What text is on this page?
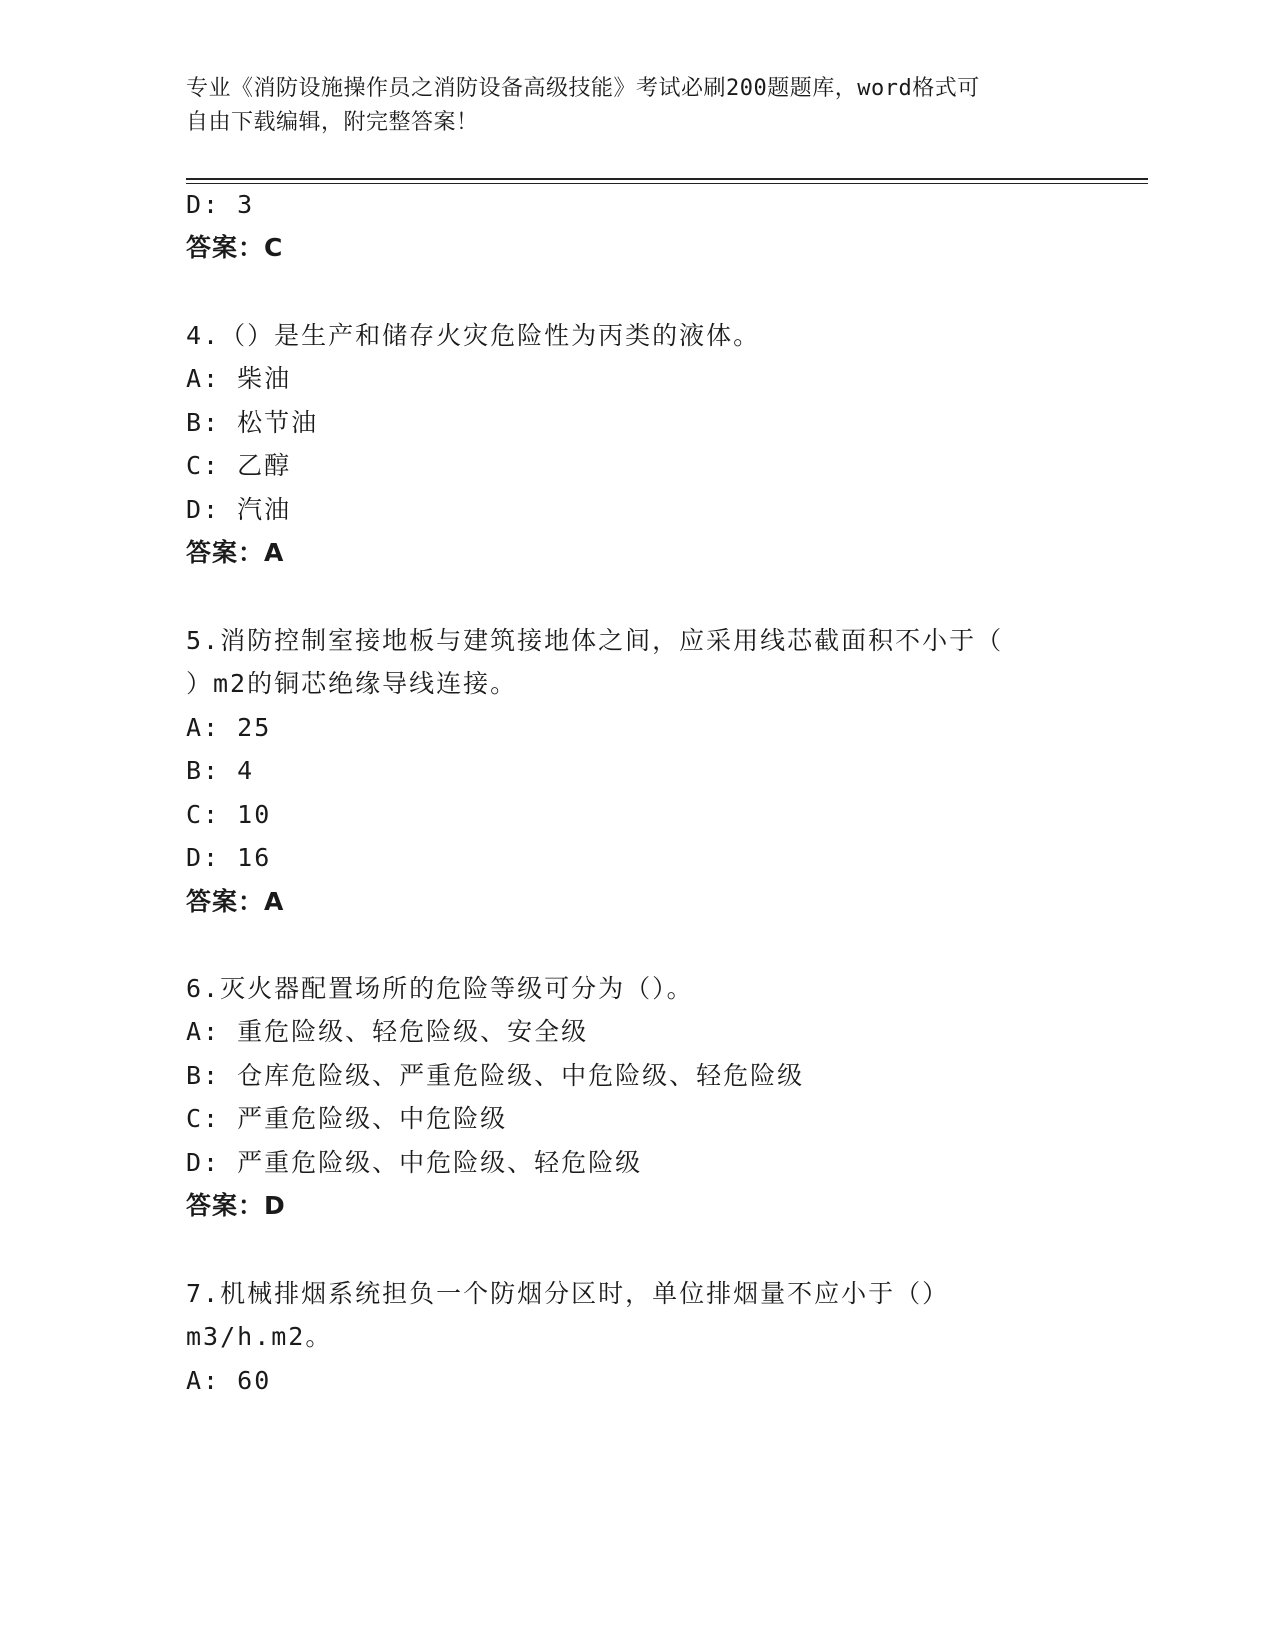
专业《消防设施操作员之消防设备高级技能》考试必刷200题题库，word格式可
自由下载编辑，附完整答案！
D: 3
答案：C
4.（）是生产和储存火灾危险性为丙类的液体。
A: 柴油
B: 松节油
C: 乙醇
D: 汽油
答案：A
5.消防控制室接地板与建筑接地体之间，应采用线芯截面积不小于（
）m2的铜芯绝缘导线连接。
A: 25
B: 4
C: 10
D: 16
答案：A
6.灭火器配置场所的危险等级可分为（）。
A: 重危险级、轻危险级、安全级
B: 仓库危险级、严重危险级、中危险级、轻危险级
C: 严重危险级、中危险级
D: 严重危险级、中危险级、轻危险级
答案：D
7.机械排烟系统担负一个防烟分区时，单位排烟量不应小于（）
m3/h.m2。
A: 60
